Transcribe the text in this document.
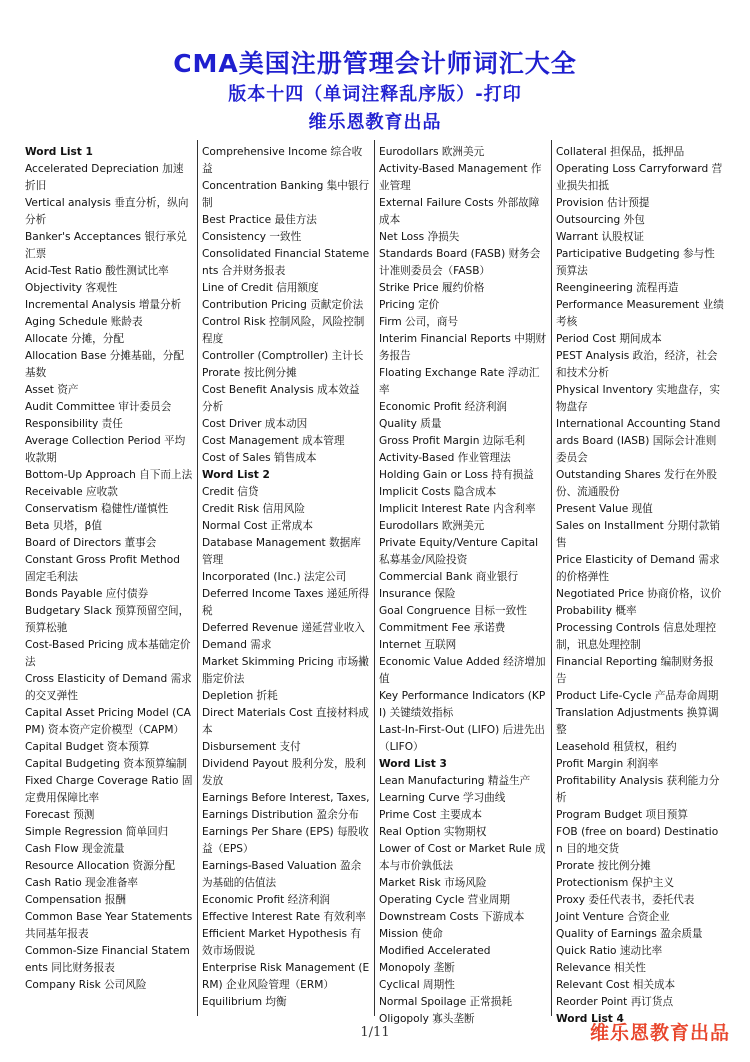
CMA美国注册管理会计师词汇大全
版本十四（单词注释乱序版）-打印
维乐恩教育出品
Word List 1
Accelerated Depreciation 加速折旧
Vertical analysis 垂直分析，纵向分析
Banker's Acceptances 银行承兑汇票
Acid-Test Ratio 酸性测试比率
Objectivity 客观性
Incremental Analysis 增量分析
Aging Schedule 账龄表
Allocate 分摊，分配
Allocation Base 分摊基础，分配基数
Asset 资产
Audit Committee 审计委员会
Responsibility 责任
Average Collection Period 平均收款期
Bottom-Up Approach 自下而上法
Receivable 应收款
Conservatism 稳健性/谨慎性
Beta 贝塔，β值
Board of Directors 董事会
Constant Gross Profit Method 固定毛利法
Bonds Payable 应付债券
Budgetary Slack 预算预留空间，预算松驰
Cost-Based Pricing 成本基础定价法
Cross Elasticity of Demand 需求的交叉弹性
Capital Asset Pricing Model (CAPM) 资本资产定价模型（CAPM）
Capital Budget 资本预算
Capital Budgeting 资本预算编制
Fixed Charge Coverage Ratio 固定费用保障比率
Forecast 预测
Simple Regression 简单回归
Cash Flow 现金流量
Resource Allocation 资源分配
Cash Ratio 现金准备率
Compensation 报酬
Common Base Year Statements 共同基年报表
Common-Size Financial Statements 同比财务报表
Company Risk 公司风险
Comprehensive Income 综合收益
Concentration Banking 集中银行制
Best Practice 最佳方法
Consistency 一致性
Consolidated Financial Statements 合并财务报表
Line of Credit 信用额度
Contribution Pricing 贡献定价法
Control Risk 控制风险，风险控制程度
Controller (Comptroller) 主计长
Prorate 按比例分摊
Cost Benefit Analysis 成本效益分析
Cost Driver 成本动因
Cost Management 成本管理
Cost of Sales 销售成本
Word List 2
Credit 信贷
Credit Risk 信用风险
Normal Cost 正常成本
Database Management 数据库管理
Incorporated (Inc.) 法定公司
Deferred Income Taxes 递延所得税
Deferred Revenue 递延营业收入
Demand 需求
Market Skimming Pricing 市场撇脂定价法
Depletion 折耗
Direct Materials Cost 直接材料成本
Disbursement 支付
Dividend Payout 股利分发，股利发放
Earnings Before Interest, Taxes,
Earnings Distribution 盈余分布
Earnings Per Share (EPS) 每股收益（EPS）
Earnings-Based Valuation 盈余为基础的估值法
Economic Profit 经济利润
Effective Interest Rate 有效利率
Efficient Market Hypothesis 有效市场假说
Enterprise Risk Management (ERM) 企业风险管理（ERM）
Equilibrium 均衡
Eurodollars 欧洲美元
Activity-Based Management 作业管理
External Failure Costs 外部故障成本
Net Loss 净损失
Standards Board (FASB) 财务会计准则委员会（FASB）
Strike Price 履约价格
Pricing 定价
Firm 公司，商号
Interim Financial Reports 中期财务报告
Floating Exchange Rate 浮动汇率
Economic Profit 经济利润
Quality 质量
Gross Profit Margin 边际毛利
Activity-Based 作业管理法
Holding Gain or Loss 持有损益
Implicit Costs 隐含成本
Implicit Interest Rate 内含利率
Eurodollars 欧洲美元
Private Equity/Venture Capital 私募基金/风险投资
Commercial Bank 商业银行
Insurance 保险
Goal Congruence 目标一致性
Commitment Fee 承诺费
Internet 互联网
Economic Value Added 经济增加值
Key Performance Indicators (KPI) 关键绩效指标
Last-In-First-Out (LIFO) 后进先出（LIFO）
Word List 3
Lean Manufacturing 精益生产
Learning Curve 学习曲线
Prime Cost 主要成本
Real Option 实物期权
Lower of Cost or Market Rule 成本与市价孰低法
Market Risk 市场风险
Operating Cycle 营业周期
Downstream Costs 下游成本
Mission 使命
Modified Accelerated
Monopoly 垄断
Cyclical 周期性
Normal Spoilage 正常损耗
Oligopoly 寡头垄断
Collateral 担保品，抵押品
Operating Loss Carryforward 营业损失扣抵
Provision 估计预提
Outsourcing 外包
Warrant 认股权证
Participative Budgeting 参与性预算法
Reengineering 流程再造
Performance Measurement 业绩考核
Period Cost 期间成本
PEST Analysis 政治，经济，社会和技术分析
Physical Inventory 实地盘存，实物盘存
International Accounting Standards Board (IASB) 国际会计准则委员会
Outstanding Shares 发行在外股份、流通股份
Present Value 现值
Sales on Installment 分期付款销售
Price Elasticity of Demand 需求的价格弹性
Negotiated Price 协商价格，议价
Probability 概率
Processing Controls 信息处理控制，讯息处理控制
Financial Reporting 编制财务报告
Product Life-Cycle 产品寿命周期
Translation Adjustments 换算调整
Leasehold 租赁权，租约
Profit Margin 利润率
Profitability Analysis 获利能力分析
Program Budget 项目预算
FOB (free on board) Destination 目的地交货
Prorate 按比例分摊
Protectionism 保护主义
Proxy 委任代表书，委托代表
Joint Venture 合资企业
Quality of Earnings 盈余质量
Quick Ratio 速动比率
Relevance 相关性
Relevant Cost 相关成本
Reorder Point 再订货点
Word List 4
1/11	维乐恩教育出品
